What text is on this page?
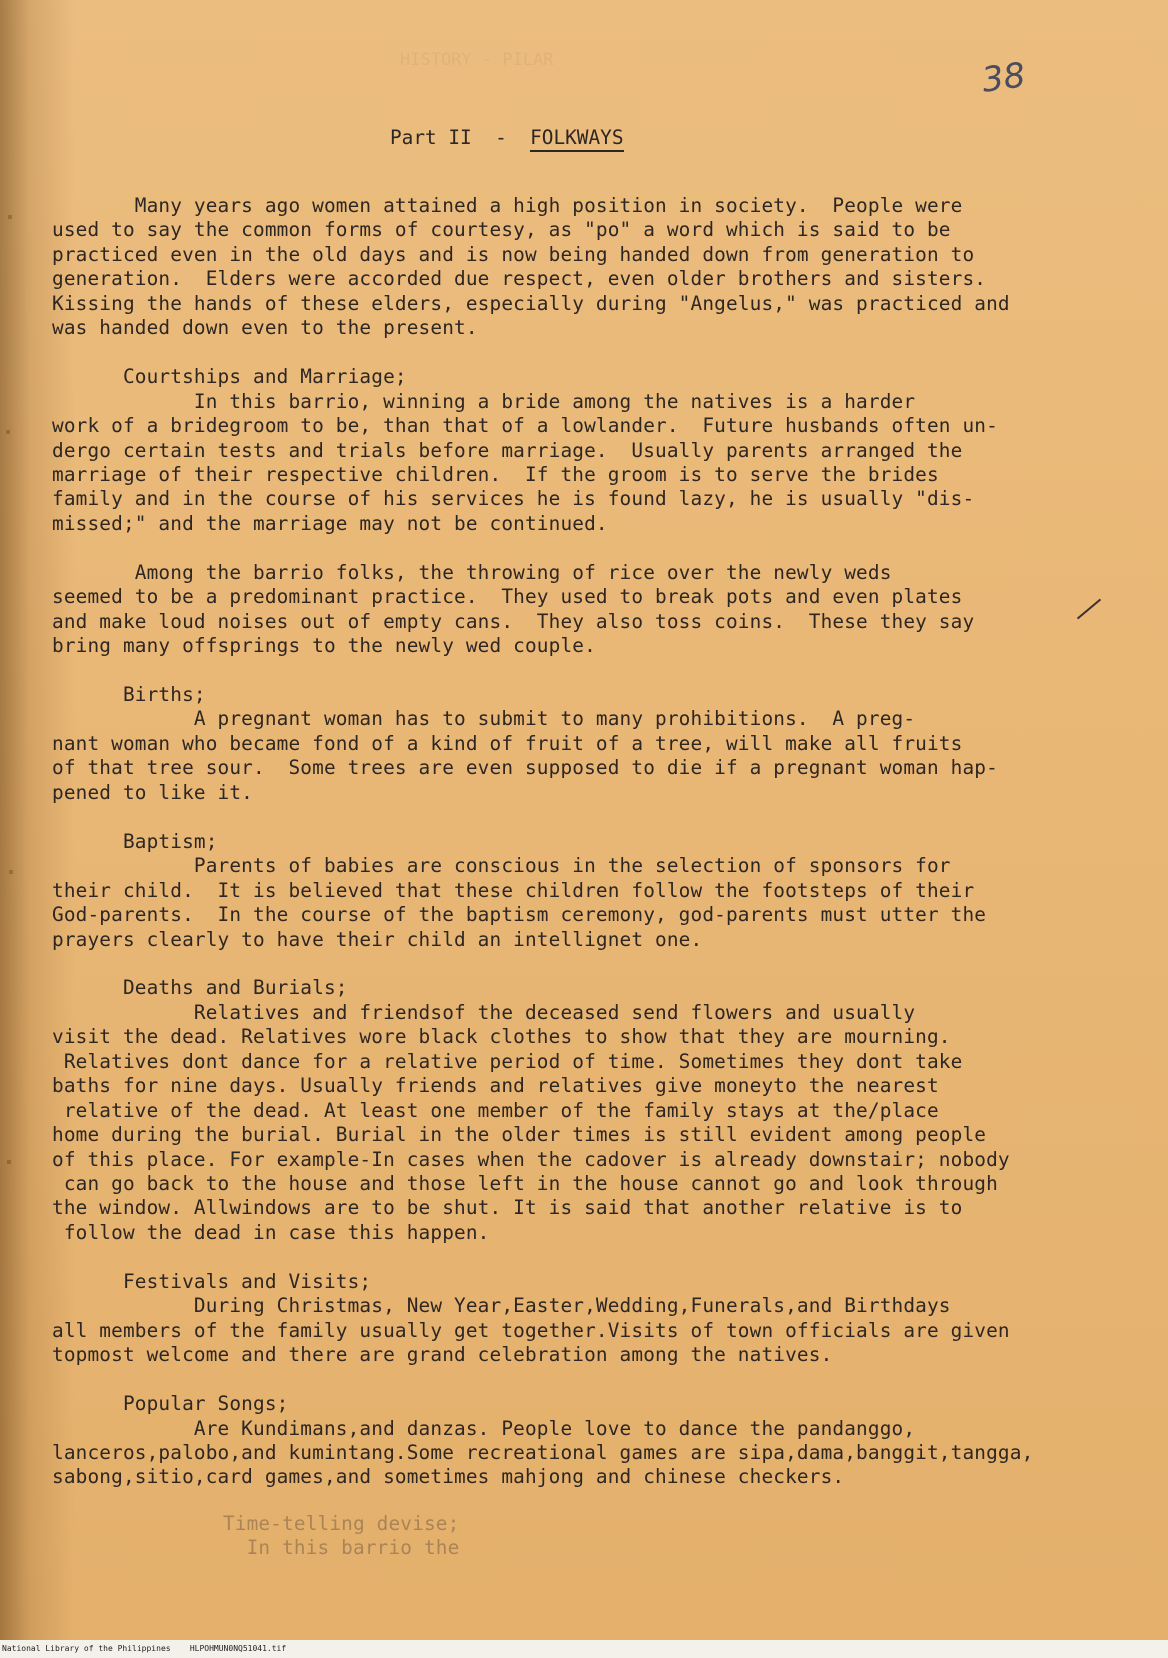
HISTORY - PILAR	38
Part II  -  FOLKWAYS
Many years ago women attained a high position in society.  People were
used to say the common forms of courtesy, as "po" a word which is said to be
practiced even in the old days and is now being handed down from generation to
generation.  Elders were accorded due respect, even older brothers and sisters.
Kissing the hands of these elders, especially during "Angelus," was practiced and
was handed down even to the present.
Courtships and Marriage;
In this barrio, winning a bride among the natives is a harder
work of a bridegroom to be, than that of a lowlander.  Future husbands often un-
dergo certain tests and trials before marriage.  Usually parents arranged the
marriage of their respective children.  If the groom is to serve the brides
family and in the course of his services he is found lazy, he is usually "dis-
missed;" and the marriage may not be continued.
Among the barrio folks, the throwing of rice over the newly weds
seemed to be a predominant practice.  They used to break pots and even plates
and make loud noises out of empty cans.  They also toss coins.  These they say
bring many offsprings to the newly wed couple.
Births;
A pregnant woman has to submit to many prohibitions.  A preg-
nant woman who became fond of a kind of fruit of a tree, will make all fruits
of that tree sour.  Some trees are even supposed to die if a pregnant woman hap-
pened to like it.
Baptism;
Parents of babies are conscious in the selection of sponsors for
their child.  It is believed that these children follow the footsteps of their
God-parents.  In the course of the baptism ceremony, god-parents must utter the
prayers clearly to have their child an intellignet one.
Deaths and Burials;
Relatives and friendsof the deceased send flowers and usually
visit the dead. Relatives wore black clothes to show that they are mourning.
Relatives dont dance for a relative period of time. Sometimes they dont take
baths for nine days. Usually friends and relatives give moneyto the nearest
relative of the dead. At least one member of the family stays at the/place
home during the burial. Burial in the older times is still evident among people
of this place. For example-In cases when the cadover is already downstair; nobody
can go back to the house and those left in the house cannot go and look through
the window. Allwindows are to be shut. It is said that another relative is to
follow the dead in case this happen.
Festivals and Visits;
During Christmas, New Year,Easter,Wedding,Funerals,and Birthdays
all members of the family usually get together.Visits of town officials are given
topmost welcome and there are grand celebration among the natives.
Popular Songs;
Are Kundimans,and danzas. People love to dance the pandanggo,
lanceros,palobo,and kumintang.Some recreational games are sipa,dama,banggit,tangga,
sabong,sitio,card games,and sometimes mahjong and chinese checkers.
Time-telling devise;
In this barrio the
National Library of the Philippines    HLPOHMUN0NQ51041.tif
